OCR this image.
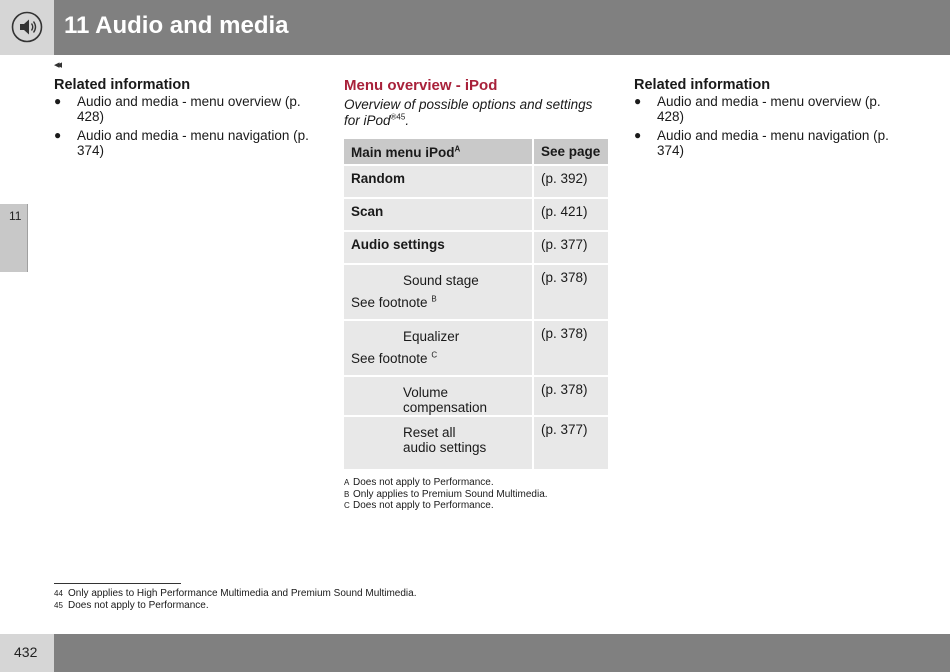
11 Audio and media
◂◂
11
Related information
● Audio and media - menu overview (p. 428)
● Audio and media - menu navigation (p. 374)
Menu overview - iPod
Overview of possible options and settings for iPod$^{®45}$.
Main menu iPod$^A$	See page
Random	(p. 392)
Scan	(p. 421)
Audio settings	(p. 377)

Sound stage
See footnote $^B$	(p. 378)

Equalizer
See footnote $^C$	(p. 378)

Volume compensation	(p. 378)

Reset all
audio settings	(p. 377)
A Does not apply to Performance.
B Only applies to Premium Sound Multimedia.
C Does not apply to Performance.
Related information
● Audio and media - menu overview (p. 428)
● Audio and media - menu navigation (p. 374)
44 Only applies to High Performance Multimedia and Premium Sound Multimedia.
45 Does not apply to Performance.
432
